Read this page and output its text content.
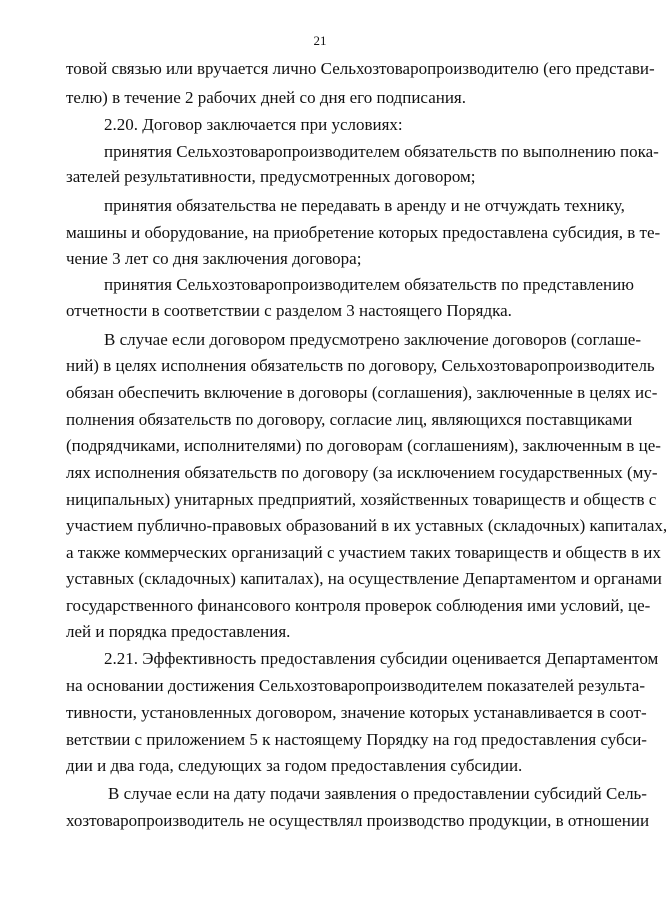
21
товой связью или вручается лично Сельхозтоваропроизводителю (его представи-
телю) в течение 2 рабочих дней со дня его подписания.
2.20. Договор заключается при условиях:
принятия Сельхозтоваропроизводителем обязательств по выполнению пока-
зателей результативности, предусмотренных договором;
принятия обязательства не передавать в аренду и не отчуждать технику,
машины и оборудование, на приобретение которых предоставлена субсидия, в те-
чение 3 лет со дня заключения договора;
принятия Сельхозтоваропроизводителем обязательств по представлению
отчетности в соответствии с разделом 3 настоящего Порядка.
В случае если договором предусмотрено заключение договоров (соглаше-
ний) в целях исполнения обязательств по договору, Сельхозтоваропроизводитель
обязан обеспечить включение в договоры (соглашения), заключенные в целях ис-
полнения обязательств по договору, согласие лиц, являющихся поставщиками
(подрядчиками, исполнителями) по договорам (соглашениям), заключенным в це-
лях исполнения обязательств по договору (за исключением государственных (му-
ниципальных) унитарных предприятий, хозяйственных товариществ и обществ с
участием публично-правовых образований в их уставных (складочных) капиталах,
а также коммерческих организаций с участием таких товариществ и обществ в их
уставных (складочных) капиталах), на осуществление Департаментом и органами
государственного финансового контроля проверок соблюдения ими условий, це-
лей и порядка предоставления.
2.21. Эффективность предоставления субсидии оценивается Департаментом
на основании достижения Сельхозтоваропроизводителем показателей результа-
тивности, установленных договором, значение которых устанавливается в соот-
ветствии с приложением 5 к настоящему Порядку на год предоставления субси-
дии и два года, следующих за годом предоставления субсидии.
В случае если на дату подачи заявления о предоставлении субсидий Сель-
хозтоваропроизводитель не осуществлял производство продукции, в отношении
